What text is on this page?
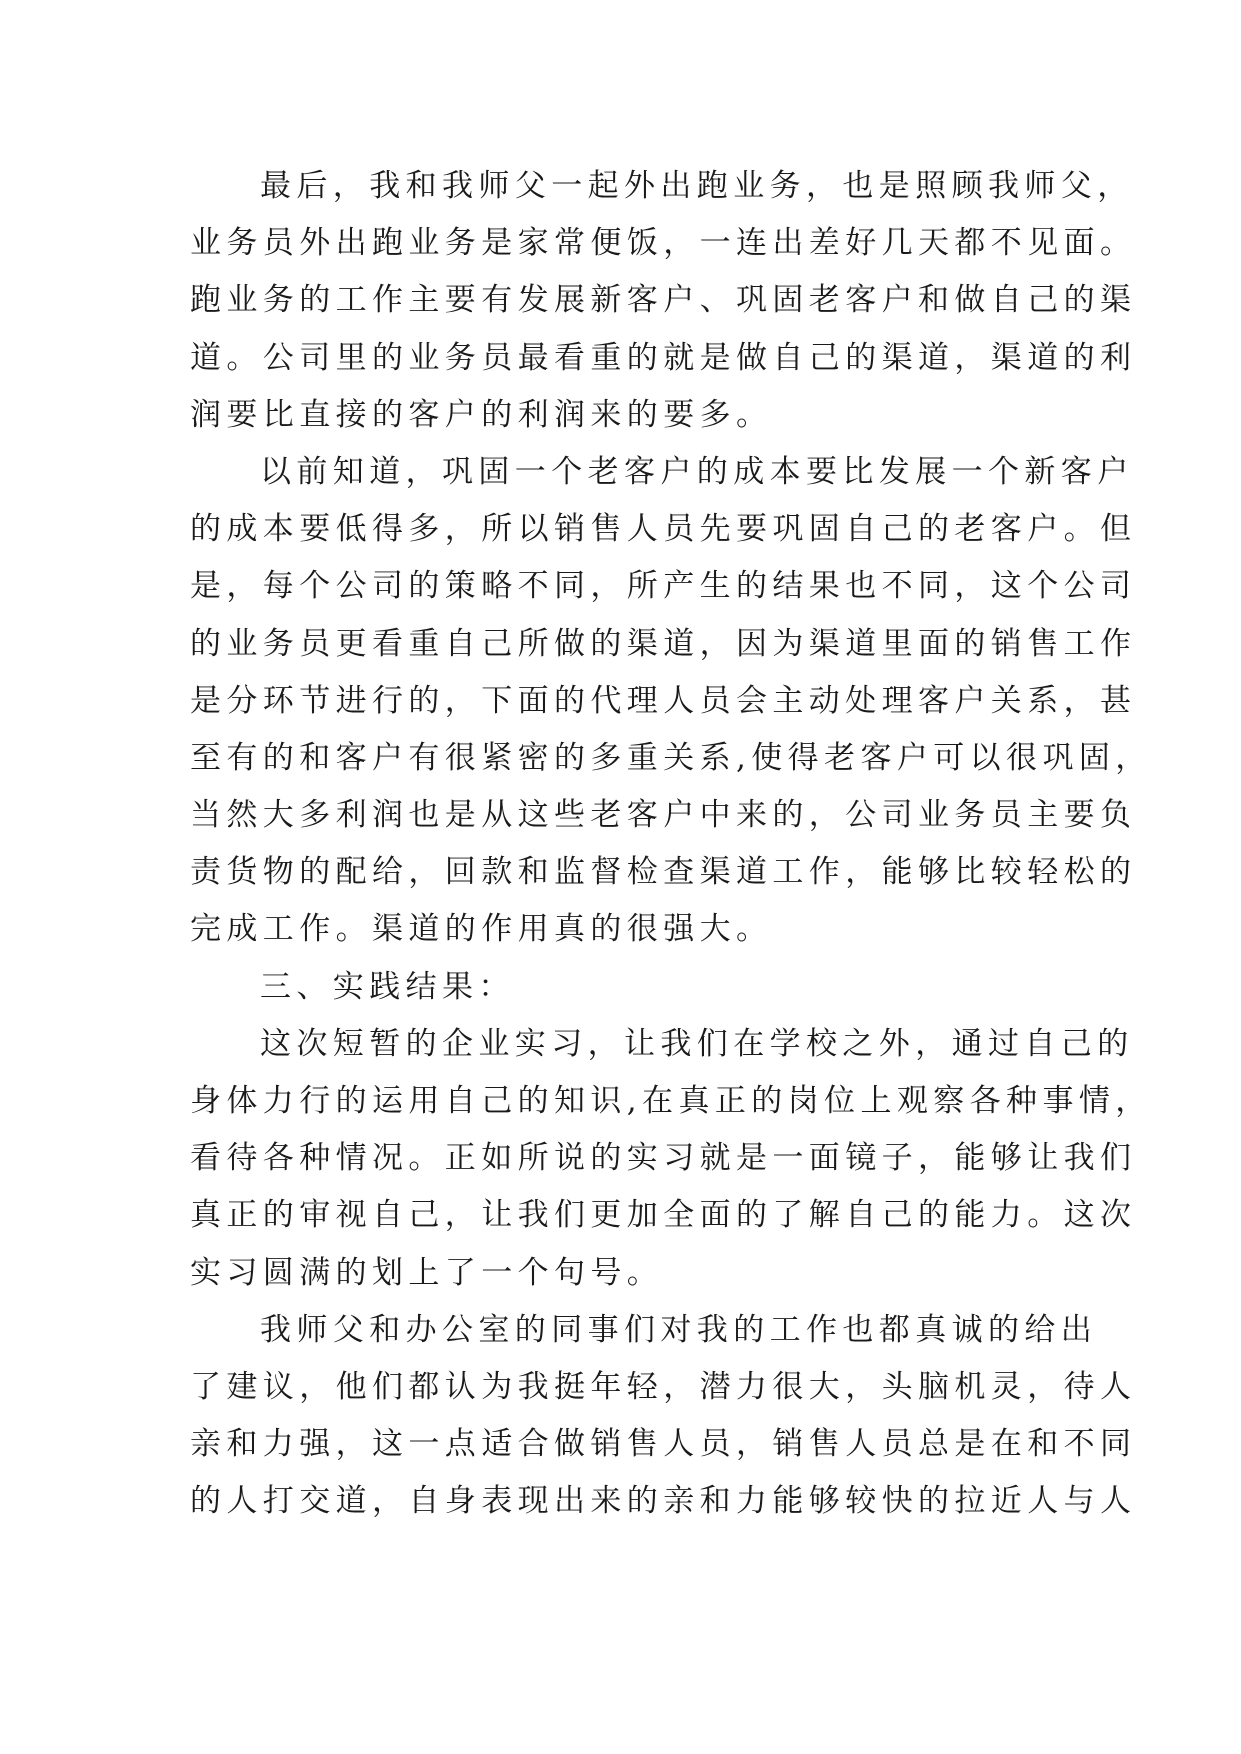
最后，我和我师父一起外出跑业务，也是照顾我师父，
业务员外出跑业务是家常便饭，一连出差好几天都不见面。
跑业务的工作主要有发展新客户、巩固老客户和做自己的渠
道。公司里的业务员最看重的就是做自己的渠道，渠道的利
润要比直接的客户的利润来的要多。
以前知道，巩固一个老客户的成本要比发展一个新客户
的成本要低得多，所以销售人员先要巩固自己的老客户。但
是，每个公司的策略不同，所产生的结果也不同，这个公司
的业务员更看重自己所做的渠道，因为渠道里面的销售工作
是分环节进行的，下面的代理人员会主动处理客户关系，甚
至有的和客户有很紧密的多重关系,使得老客户可以很巩固，
当然大多利润也是从这些老客户中来的，公司业务员主要负
责货物的配给，回款和监督检查渠道工作，能够比较轻松的
完成工作。渠道的作用真的很强大。
三、实践结果：
这次短暂的企业实习，让我们在学校之外，通过自己的
身体力行的运用自己的知识,在真正的岗位上观察各种事情，
看待各种情况。正如所说的实习就是一面镜子，能够让我们
真正的审视自己，让我们更加全面的了解自己的能力。这次
实习圆满的划上了一个句号。
我师父和办公室的同事们对我的工作也都真诚的给出
了建议，他们都认为我挺年轻，潜力很大，头脑机灵，待人
亲和力强，这一点适合做销售人员，销售人员总是在和不同
的人打交道，自身表现出来的亲和力能够较快的拉近人与人
